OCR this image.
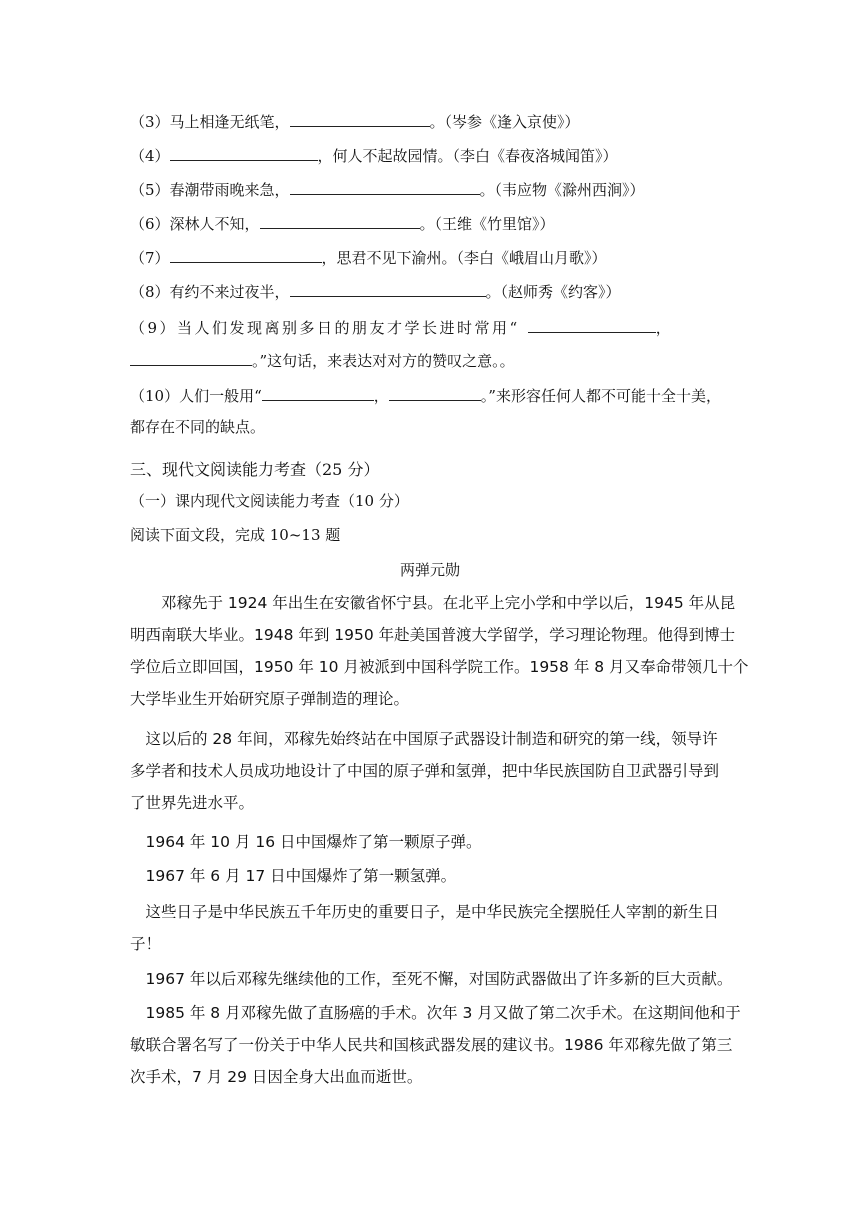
（3）马上相逢无纸笔，	。（岑参《逢入京使》）
（4）	，何人不起故园情。（李白《春夜洛城闻笛》）
（5）春潮带雨晚来急，	。（韦应物《滁州西涧》）
（6）深林人不知，	。（王维《竹里馆》）
（7）	，思君不见下渝州。（李白《峨眉山月歌》）
（8）有约不来过夜半，	。（赵师秀《约客》）
（9）当人们发现离别多日的朋友才学长进时常用“	，
。”这句话，来表达对对方的赞叹之意。。
（10）人们一般用“	，	。”来形容任何人都不可能十全十美，
都存在不同的缺点。
三、现代文阅读能力考查（25 分）
（一）课内现代文阅读能力考查（10 分）
阅读下面文段，完成 10~13 题
两弹元勋
　　邓稼先于 1924 年出生在安徽省怀宁县。在北平上完小学和中学以后，1945 年从昆
明西南联大毕业。1948 年到 1950 年赴美国普渡大学留学，学习理论物理。他得到博士
学位后立即回国，1950 年 10 月被派到中国科学院工作。1958 年 8 月又奉命带领几十个
大学毕业生开始研究原子弹制造的理论。
　这以后的 28 年间，邓稼先始终站在中国原子武器设计制造和研究的第一线，领导许
多学者和技术人员成功地设计了中国的原子弹和氢弹，把中华民族国防自卫武器引导到
了世界先进水平。
　1964 年 10 月 16 日中国爆炸了第一颗原子弹。
　1967 年 6 月 17 日中国爆炸了第一颗氢弹。
　这些日子是中华民族五千年历史的重要日子，是中华民族完全摆脱任人宰割的新生日
子！
　1967 年以后邓稼先继续他的工作，至死不懈，对国防武器做出了许多新的巨大贡献。
　1985 年 8 月邓稼先做了直肠癌的手术。次年 3 月又做了第二次手术。在这期间他和于
敏联合署名写了一份关于中华人民共和国核武器发展的建议书。1986 年邓稼先做了第三
次手术，7 月 29 日因全身大出血而逝世。
